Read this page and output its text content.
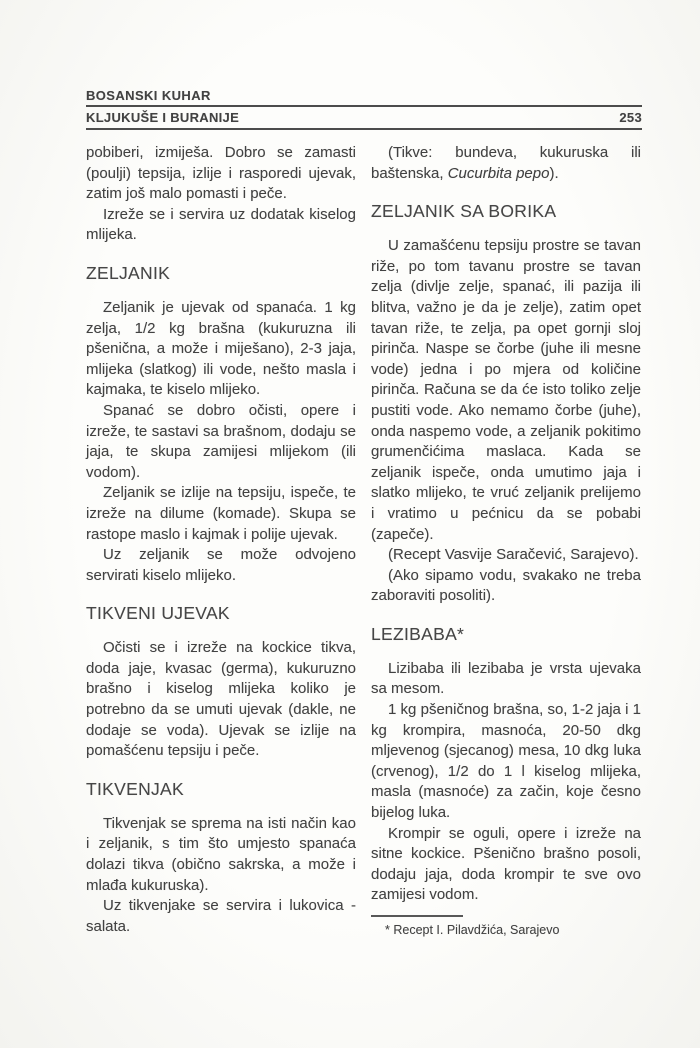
BOSANSKI KUHAR
KLJUKUŠE I BURANIJE	253

pobiberi, izmiješa. Dobro se zamasti (poulji) tepsija, izlije i rasporedi ujevak, zatim još malo pomasti i peče.

Izreže se i servira uz dodatak kiselog mlijeka.

ZELJANIK

Zeljanik je ujevak od spanaća. 1 kg zelja, 1/2 kg brašna (kukuruzna ili pšenična, a može i miješano), 2-3 jaja, mlijeka (slatkog) ili vode, nešto masla i kajmaka, te kiselo mlijeko.

Spanać se dobro očisti, opere i izreže, te sastavi sa brašnom, dodaju se jaja, te skupa zamijesi mlijekom (ili vodom).

Zeljanik se izlije na tepsiju, ispeče, te izreže na dilume (komade). Skupa se rastope maslo i kajmak i polije ujevak.

Uz zeljanik se može odvojeno servirati kiselo mlijeko.

TIKVENI UJEVAK

Očisti se i izreže na kockice tikva, doda jaje, kvasac (germa), kukuruzno brašno i kiselog mlijeka koliko je potrebno da se umuti ujevak (dakle, ne dodaje se voda). Ujevak se izlije na pomašćenu tepsiju i peče.

TIKVENJAK

Tikvenjak se sprema na isti način kao i zeljanik, s tim što umjesto spanaća dolazi tikva (obično sakrska, a može i mlađa kukuruska).

Uz tikvenjake se servira i lukovica - salata.

(Tikve: bundeva, kukuruska ili baštenska, Cucurbita pepo).

ZELJANIK SA BORIKA

U zamašćenu tepsiju prostre se tavan riže, po tom tavanu prostre se tavan zelja (divlje zelje, spanać, ili pazija ili blitva, važno je da je zelje), zatim opet tavan riže, te zelja, pa opet gornji sloj pirinča. Naspe se čorbe (juhe ili mesne vode) jedna i po mjera od količine pirinča. Računa se da će isto toliko zelje pustiti vode. Ako nemamo čorbe (juhe), onda naspemo vode, a zeljanik pokitimo grumenčićima maslaca. Kada se zeljanik ispeče, onda umutimo jaja i slatko mlijeko, te vruć zeljanik prelijemo i vratimo u pećnicu da se pobabi (zapeče).

(Recept Vasvije Saračević, Sarajevo).

(Ako sipamo vodu, svakako ne treba zaboraviti posoliti).

LEZIBABA*

Lizibaba ili lezibaba je vrsta ujevaka sa mesom.

1 kg pšeničnog brašna, so, 1-2 jaja i 1 kg krompira, masnoća, 20-50 dkg mljevenog (sjecanog) mesa, 10 dkg luka (crvenog), 1/2 do 1 l kiselog mlijeka, masla (masnoće) za začin, koje česno bijelog luka.

Krompir se oguli, opere i izreže na sitne kockice. Pšenično brašno posoli, dodaju jaja, doda krompir te sve ovo zamijesi vodom.

* Recept I. Pilavdžića, Sarajevo
